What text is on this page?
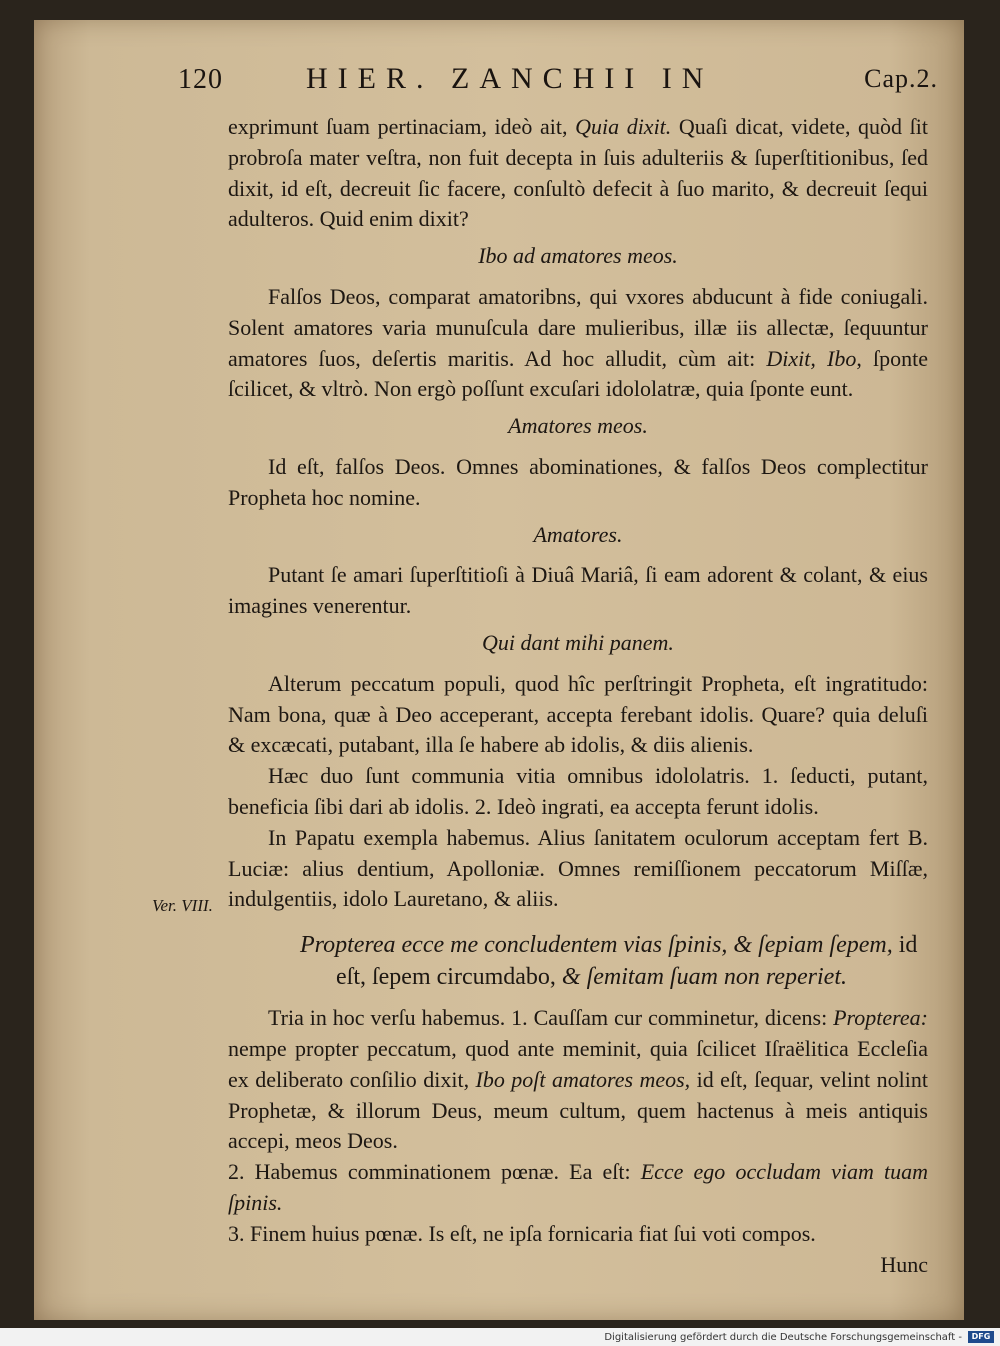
120	HIER. ZANCHII IN	Cap.2.
Ver. VIII.

exprimunt ſuam pertinaciam, ideò ait, Quia dixit. Quaſi dicat, videte, quòd ſit probroſa mater veſtra, non fuit decepta in ſuis adulteriis & ſuperſtitionibus, ſed dixit, id eſt, decreuit ſic facere, conſultò defecit à ſuo marito, & decreuit ſequi adulteros. Quid enim dixit?

Ibo ad amatores meos.

Falſos Deos, comparat amatoribns, qui vxores abducunt à fide coniugali. Solent amatores varia munuſcula dare mulieribus, illæ iis allectæ, ſequuntur amatores ſuos, deſertis maritis. Ad hoc alludit, cùm ait: Dixit, Ibo, ſponte ſcilicet, & vltrò. Non ergò poſſunt excuſari idololatræ, quia ſponte eunt.

Amatores meos.

Id eſt, falſos Deos. Omnes abominationes, & falſos Deos complectitur Propheta hoc nomine.

Amatores.

Putant ſe amari ſuperſtitioſi à Diuâ Mariâ, ſi eam adorent & colant, & eius imagines venerentur.

Qui dant mihi panem.

Alterum peccatum populi, quod hîc perſtringit Propheta, eſt ingratitudo: Nam bona, quæ à Deo acceperant, accepta ferebant idolis. Quare? quia deluſi & excæcati, putabant, illa ſe habere ab idolis, & diis alienis.

Hæc duo ſunt communia vitia omnibus idololatris. 1. ſeducti, putant, beneficia ſibi dari ab idolis. 2. Ideò ingrati, ea accepta ferunt idolis.

In Papatu exempla habemus. Alius ſanitatem oculorum acceptam fert B. Luciæ: alius dentium, Apolloniæ. Omnes remiſſionem peccatorum Miſſæ, indulgentiis, idolo Lauretano, & aliis.

Propterea ecce me concludentem vias ſpinis, & ſepiam ſepem, id
eſt, ſepem circumdabo, & ſemitam ſuam non reperiet.

Tria in hoc verſu habemus. 1. Cauſſam cur comminetur, dicens: Propterea: nempe propter peccatum, quod ante meminit, quia ſcilicet Iſraëlitica Eccleſia ex deliberato conſilio dixit, Ibo poſt amatores meos, id eſt, ſequar, velint nolint Prophetæ, & illorum Deus, meum cultum, quem hactenus à meis antiquis accepi, meos Deos.

2. Habemus comminationem pœnæ. Ea eſt: Ecce ego occludam viam tuam ſpinis.

3. Finem huius pœnæ. Is eſt, ne ipſa fornicaria fiat ſui voti compos.

Hunc

Digitalisierung gefördert durch die Deutsche Forschungsgemeinschaft -	DFG
